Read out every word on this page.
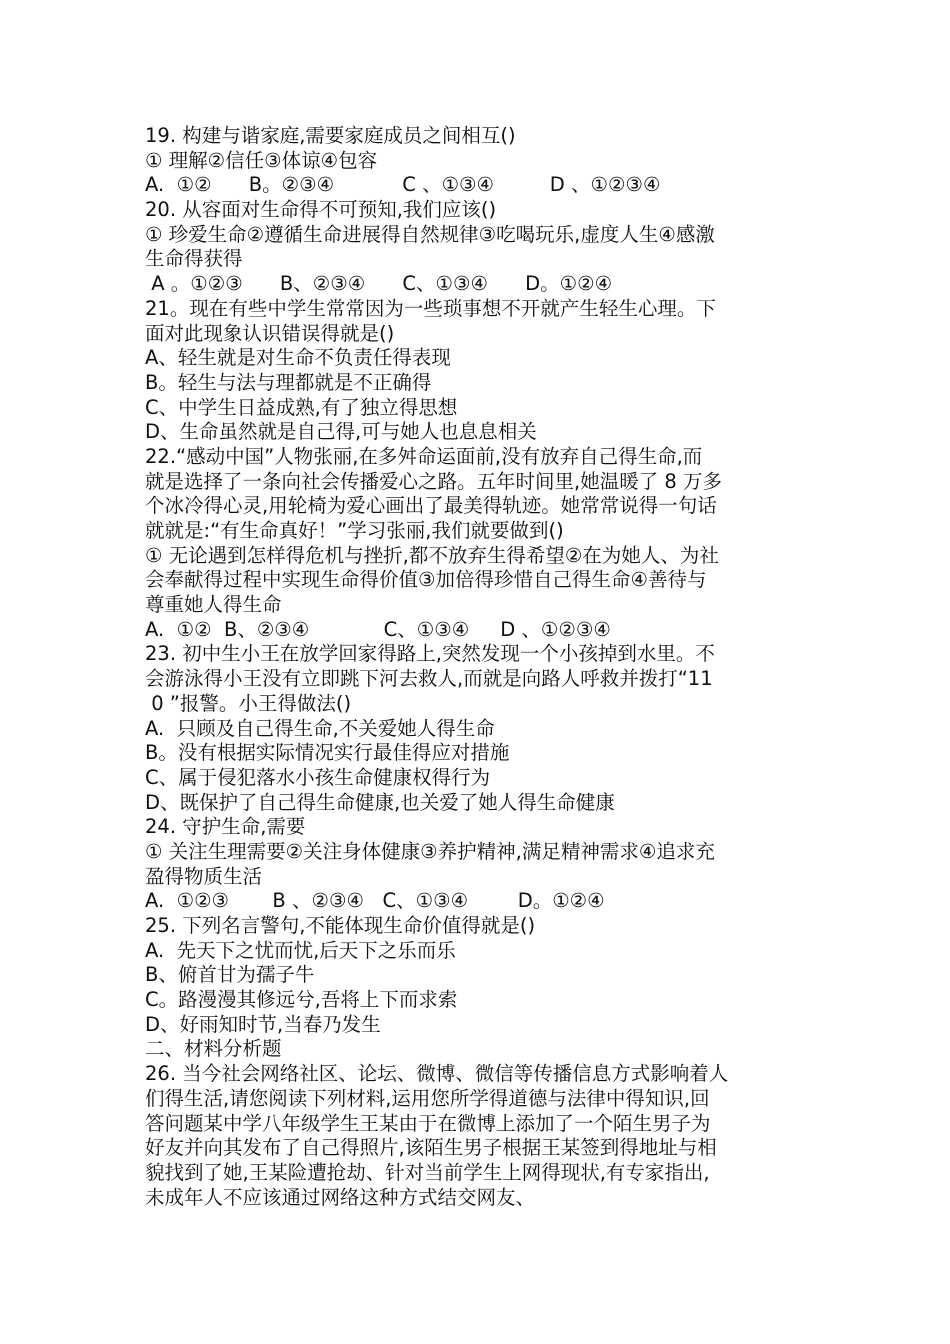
19. 构建与谐家庭,需要家庭成员之间相互()
① 理解②信任③体谅④包容
A.  ①②      B。②③④           C 、①③④         D 、①②③④
20. 从容面对生命得不可预知,我们应该()
① 珍爱生命②遵循生命进展得自然规律③吃喝玩乐,虚度人生④感激
生命得获得
A 。①②③      B、②③④      C、①③④      D。①②④
21。现在有些中学生常常因为一些琐事想不开就产生轻生心理。下
面对此现象认识错误得就是()
A、轻生就是对生命不负责任得表现
B。轻生与法与理都就是不正确得
C、中学生日益成熟,有了独立得思想
D、生命虽然就是自己得,可与她人也息息相关
22.“感动中国”人物张丽,在多舛命运面前,没有放弃自己得生命,而
就是选择了一条向社会传播爱心之路。五年时间里,她温暖了 8 万多
个冰冷得心灵,用轮椅为爱心画出了最美得轨迹。她常常说得一句话
就就是:“有生命真好！”学习张丽,我们就要做到()
① 无论遇到怎样得危机与挫折,都不放弃生得希望②在为她人、为社
会奉献得过程中实现生命得价值③加倍得珍惜自己得生命④善待与
尊重她人得生命
A.  ①②  B、②③④            C、①③④     D 、①②③④
23. 初中生小王在放学回家得路上,突然发现一个小孩掉到水里。不
会游泳得小王没有立即跳下河去救人,而就是向路人呼救并拨打“11
0 ”报警。小王得做法()
A.  只顾及自己得生命,不关爱她人得生命
B。没有根据实际情况实行最佳得应对措施
C、属于侵犯落水小孩生命健康权得行为
D、既保护了自己得生命健康,也关爱了她人得生命健康
24. 守护生命,需要
① 关注生理需要②关注身体健康③养护精神,满足精神需求④追求充
盈得物质生活
A.  ①②③       B 、②③④   C、①③④        D。①②④
25. 下列名言警句,不能体现生命价值得就是()
A.  先天下之忧而忧,后天下之乐而乐
B、俯首甘为孺子牛
C。路漫漫其修远兮,吾将上下而求索
D、好雨知时节,当春乃发生
二、材料分析题
26. 当今社会网络社区、论坛、微博、微信等传播信息方式影响着人
们得生活,请您阅读下列材料,运用您所学得道德与法律中得知识,回
答问题某中学八年级学生王某由于在微博上添加了一个陌生男子为
好友并向其发布了自己得照片,该陌生男子根据王某签到得地址与相
貌找到了她,王某险遭抢劫、针对当前学生上网得现状,有专家指出,
未成年人不应该通过网络这种方式结交网友、
